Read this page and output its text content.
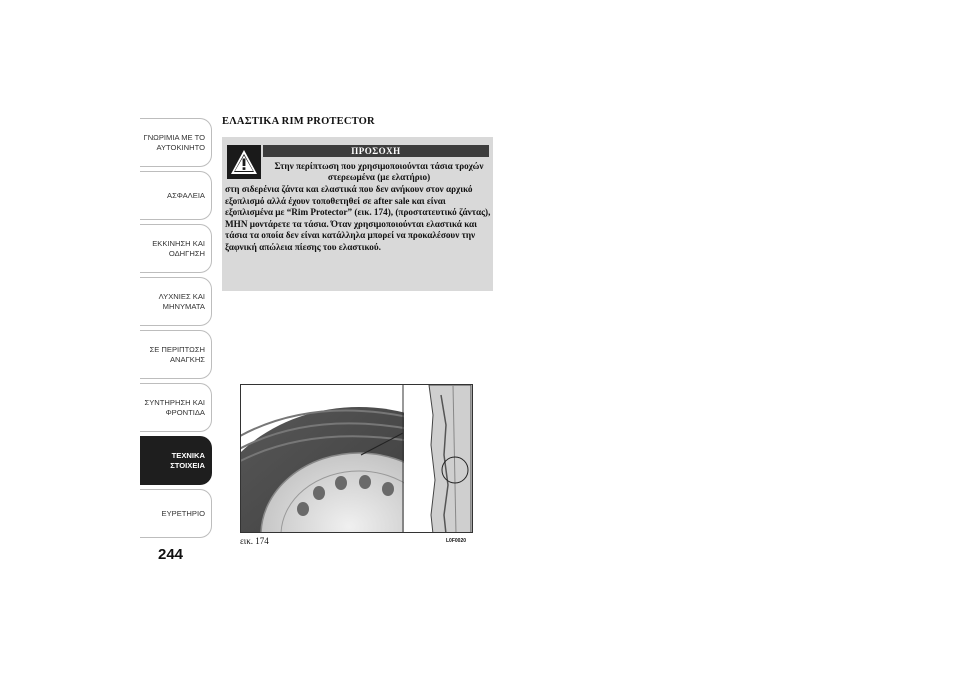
ΓΝΩΡΙΜΙΑ ΜΕ ΤΟ
ΑΥΤΟΚΙΝΗΤΟ
ΑΣΦΑΛΕΙΑ
ΕΚΚΙΝΗΣΗ ΚΑΙ
ΟΔΗΓΗΣΗ
ΛΥΧΝΙΕΣ ΚΑΙ
ΜΗΝΥΜΑΤΑ
ΣΕ ΠΕΡΙΠΤΩΣΗ
ΑΝΑΓΚΗΣ
ΣΥΝΤΗΡΗΣΗ ΚΑΙ
ΦΡΟΝΤΙΔΑ
ΤΕΧΝΙΚΑ
ΣΤΟΙΧΕΙΑ
ΕΥΡΕΤΗΡΙΟ
244
ΕΛΑΣΤΙΚΑ RIM PROTECTOR
ΠΡΟΣΟΧΗ
Στην περίπτωση που χρησιμοποιούνται τάσια τροχών στερεωμένα (με ελατήριο)
στη σιδερένια ζάντα και ελαστικά που δεν ανήκουν στον αρχικό εξοπλισμό αλλά έχουν τοποθετηθεί σε after sale και είναι εξοπλισμένα με “Rim Protector” (εικ. 174), (προστατευτικό ζάντας), ΜΗΝ μοντάρετε τα τάσια. Όταν χρησιμοποιούνται ελαστικά και τάσια τα οποία δεν είναι κατάλληλα μπορεί να προκαλέσουν την ξαφνική απώλεια πίεσης του ελαστικού.
εικ. 174	L0F0020
